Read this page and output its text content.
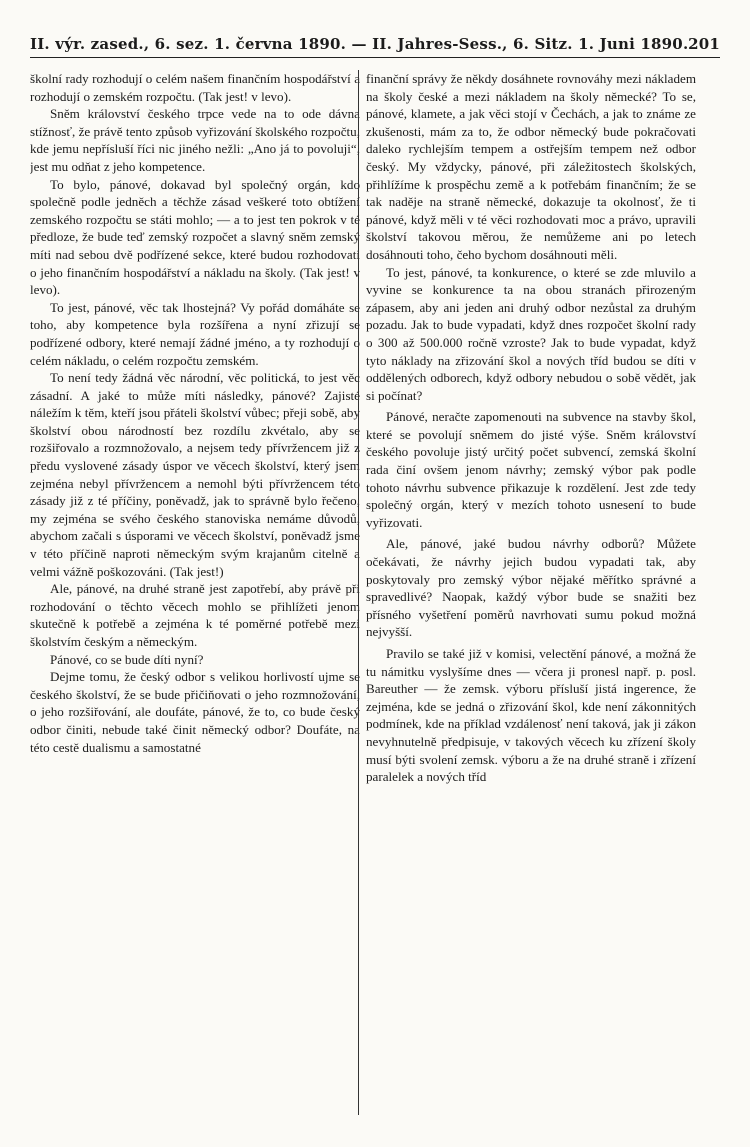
II. výr. zased., 6. sez. 1. června 1890. — II. Jahres-Sess., 6. Sitz. 1. Juni 1890. 201

školní rady rozhodují o celém našem finančním hospodářství a rozhodují o zemském rozpočtu. (Tak jest! v levo).

Sněm království českého trpce vede na to ode dávna stížnosť, že právě tento způsob vyřizování školského rozpočtu, kde jemu nepřísluší říci nic jiného nežli: „Ano já to povoluji“, jest mu odňat z jeho kompetence.

To bylo, pánové, dokavad byl společný orgán, kdo společně podle jedněch a těchže zásad veškeré toto obtížení zemského rozpočtu se státi mohlo; — a to jest ten pokrok v té předloze, že bude teď zemský rozpočet a slavný sněm zemský míti nad sebou dvě podřízené sekce, které budou rozhodovati o jeho finančním hospodářství a nákladu na školy. (Tak jest! v levo).

To jest, pánové, věc tak lhostejná? Vy pořád domáháte se toho, aby kompetence byla rozšířena a nyní zřizují se podřízené odbory, které nemají žádné jméno, a ty rozhodují o celém nákladu, o celém rozpočtu zemském.

To není tedy žádná věc národní, věc politická, to jest věc zásadní. A jaké to může míti následky, pánové? Zajisté náležím k těm, kteří jsou přáteli školství vůbec; přeji sobě, aby školství obou národností bez rozdílu zkvétalo, aby se rozšiřovalo a rozmnožovalo, a nejsem tedy přívržencem již z předu vyslovené zásady úspor ve věcech školství, který jsem zejména nebyl přívržencem a nemohl býti přívržencem této zásady již z té příčiny, poněvadž, jak to správně bylo řečeno, my zejména se svého českého stanoviska nemáme důvodů, abychom začali s úsporami ve věcech školství, poněvadž jsme v této příčině naproti německým svým krajanům citelně a velmi vážně poškozováni. (Tak jest!)

Ale, pánové, na druhé straně jest zapotřebí, aby právě při rozhodování o těchto věcech mohlo se přihlížeti jenom skutečně k potřebě a zejména k té poměrné potřebě mezi školstvím českým a německým.

Pánové, co se bude díti nyní?

Dejme tomu, že český odbor s velikou horlivostí ujme se českého školství, že se bude přičiňovati o jeho rozmnožování, o jeho rozšiřování, ale doufáte, pánové, že to, co bude český odbor činiti, nebude také činit německý odbor? Doufáte, na této cestě dualismu a samostatné

finanční správy že někdy dosáhnete rovnováhy mezi nákladem na školy české a mezi nákladem na školy německé? To se, pánové, klamete, a jak věci stojí v Čechách, a jak to známe ze zkušenosti, mám za to, že odbor německý bude pokračovati daleko rychlejším tempem a ostřejším tempem než odbor český. My vždycky, pánové, při záležitostech školských, přihlížíme k prospěchu země a k potřebám finančním; že se tak naděje na straně německé, dokazuje ta okolnosť, že ti pánové, když měli v té věci rozhodovati moc a právo, upravili školství takovou měrou, že nemůžeme ani po letech dosáhnouti toho, čeho bychom dosáhnouti měli.

To jest, pánové, ta konkurence, o které se zde mluvilo a vyvine se konkurence ta na obou stranách přirozeným zápasem, aby ani jeden ani druhý odbor nezůstal za druhým pozadu. Jak to bude vypadati, když dnes rozpočet školní rady o 300 až 500.000 ročně vzroste? Jak to bude vypadat, když tyto náklady na zřizování škol a nových tříd budou se díti v oddělených odborech, když odbory nebudou o sobě vědět, jak si počínat?

Pánové, neračte zapomenouti na subvence na stavby škol, které se povolují sněmem do jisté výše. Sněm království českého povoluje jistý určitý počet subvencí, zemská školní rada činí ovšem jenom návrhy; zemský výbor pak podle tohoto návrhu subvence přikazuje k rozdělení. Jest zde tedy společný orgán, který v mezích tohoto usnesení to bude vyřizovati.

Ale, pánové, jaké budou návrhy odborů? Můžete očekávati, že návrhy jejich budou vypadati tak, aby poskytovaly pro zemský výbor nějaké měřítko správné a spravedlivé? Naopak, každý výbor bude se snažiti bez přísného vyšetření poměrů navrhovati sumu pokud možná nejvyšší.

Pravilo se také již v komisi, velectění pánové, a možná že tu námitku vyslyšíme dnes — včera ji pronesl např. p. posl. Bareuther — že zemsk. výboru přísluší jistá ingerence, že zejména, kde se jedná o zřizování škol, kde není zákonnitých podmínek, kde na příklad vzdálenosť není taková, jak ji zákon nevyhnutelně předpisuje, v takových věcech ku zřízení školy musí býti svolení zemsk. výboru a že na druhé straně i zřízení paralelek a nových tříd
